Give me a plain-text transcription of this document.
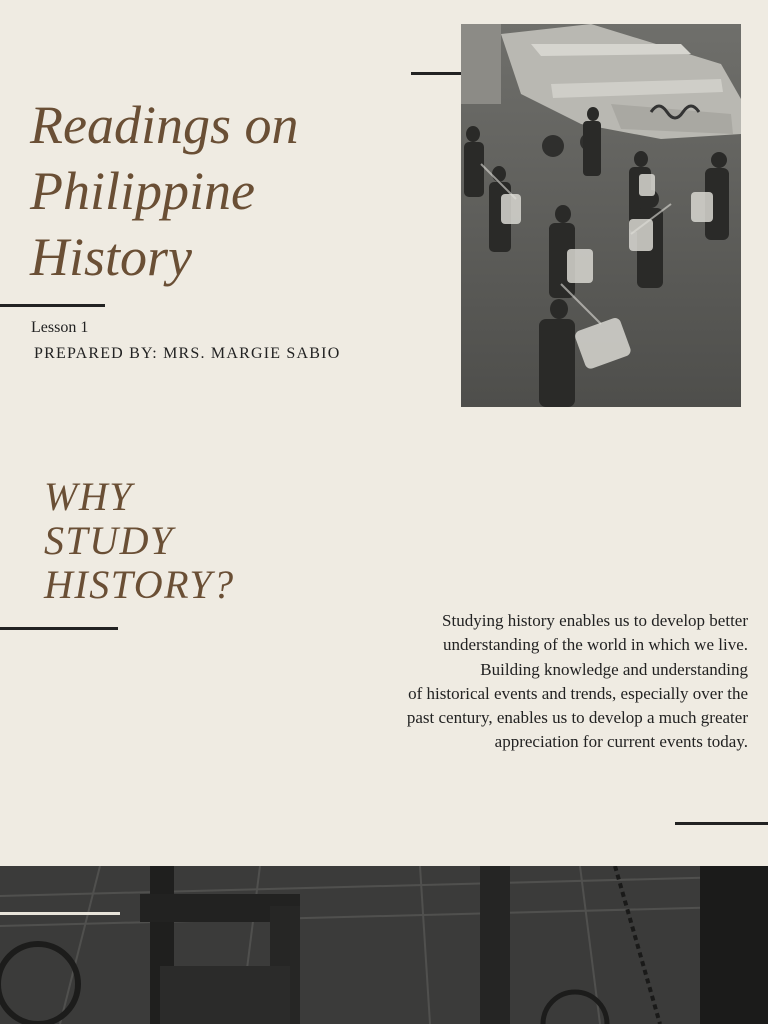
Readings on
Philippine
History
Lesson 1
PREPARED BY: MRS. MARGIE SABIO
WHY
STUDY
HISTORY?

Studying history enables us to develop better
understanding of the world in which we live.
Building knowledge and understanding
of historical events and trends, especially over the
past century, enables us to develop a much greater
appreciation for current events today.
